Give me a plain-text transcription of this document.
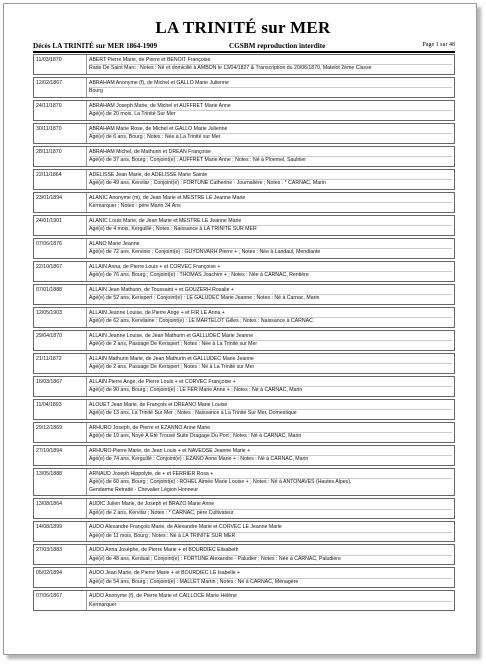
LA TRINITÉ sur MER
Décès LA TRINITÉ sur MER 1864-1909	CGSBM reproduction interdite	Page 1 sur 48
11/03/1870	ABERT Pierre Marie, de Pierre et BENOIT Françoise
Rade De Saint Marc ; Notes : Né et domicilié à AMBON le 13/04/1827 & Transcription du 20/06/1870, Matelot 2ème Classe
12/02/1867	ABRAHAM Anonyme (f), de Michel et GALLO Marie Julienne
Bourg
24/11/1870	ABRAHAM Joseph Marie, de Michel et AUFFRET Marie Anne
Agé(e) de 20 mois, La Trinité Sur Mer
30/11/1870	ABRAHAM Marie Rose, de Michel et GALLO Marie Julienne
Agé(e) de 6 ans, Bourg ; Notes : Née à La Trinité sur Mer
28/11/1870	ABRAHAM Michel, de Mathurin et DREAN Françoise
Agé(e) de 37 ans, Bourg ; Conjoint(e) : AUFFRET Marie Anne ; Notes : Né à Ploemel, Saulnier
22/11/1864	ADELISSE Jean Marie, de ADELISSE Marie Sainte
Agé(e) de 49 ans, Kervilar ; Conjoint(e) : FORTUNE Catherine - Journalière ; Notes : * CARNAC, Marin
23/01/1894	ALANIC Anonyme (m), de Jean Marie et MESTRE LE Jeanne Marie
Kermarquer ; Notes : père Marin 34 Ans
24/01/1901	ALANIC Louis Marie, de Jean Marie et MESTRE LE Jeanne Marie
Agé(e) de 4 mois, Kerguillé ; Notes : Naissance à LA TRINITE SUR MER
07/06/1876	ALANO Marie Jeanne
Agé(e) de 72 ans, Kervinio ; Conjoint(e) : GUYONVARH Pierre + ; Notes : Née à Landaul, Mendiante
22/10/1867	ALLAIN Anna, de Pierre Louis + et CORVEC Françoise +
Agé(e) de 76 ans, Bourg ; Conjoint(e) : THOMAS Joachim + ; Notes : Née à CARNAC, Rentière
07/01/1888	ALLAIN Jean Mathurin, de Toussaint + et GOUZERH Rosalie +
Agé(e) de 52 ans, Kerispert ; Conjoint(e) : LE GALUDEC Marie Jeanne ; Notes : Né à Carnac, Marin
12/05/1903	ALLAIN Jeanne Louise, de Pierre Ange + et FIR LE Anna +
Agé(e) de 62 ans, Kervilaine ; Conjoint(e) : LE MARTELOT Gilles ; Notes : Naissance à CARNAC
29/04/1870	ALLAIN Jeanne Louise, de Jean Mathurin et GALLUDEC Marie Jeanne
Agé(e) de 2 ans, Passage De Kerispert ; Notes : Née à La Trinité sur Mer
21/11/1872	ALLAIN Mathurin Marie, de Jean Mathurin et GALLUDEC Marie Jeanne
Agé(e) de 2 ans, Passage De Kerispert ; Notes : Né à La Trinité sur Mer
16/03/1867	ALLAIN Pierre Ange, de Pierre Louis + et CORVEC Françoise +
Agé(e) de 90 ans, Bourg ; Conjoint(e) : LE FER Marie Anne + ; Notes : Né à CARNAC, Marin
11/04/1893	ALOUET Jean Marie, de François et DREANO Marie Louise
Agé(e) de 13 ans, La Trinité Sur Mer ; Notes : Naissance à La Trinité Sur Mer, Domestique
29/12/1869	ARHURO Joseph, de Pierre et EZANNO Anne Marie
Agé(e) de 19 ans, Noyé À Été Trouvé Suite Dragage Du Port ; Notes : Né à CARNAC, Marin
27/10/1894	ARHURO Pierre Marie, de Jean Louis + et NAVEOSE Jeanne Marie +
Agé(e) de 74 ans, Kerguillé ; Conjoint(e) : EZANO Anne Marie + ; Notes : Né à CARNAC, Marin
13/05/1888	ARNAUD Joseph Hippolyte, de + et FERRIER Rosa +
Agé(e) de 60 ans, Bourg ; Conjoint(e) : ROHEL Aimée Marie Louise + ; Notes : Né à ANTONAVES (Hautes Alpes),
Gendarme Retraité - Chevalier Légion Honneur
13/08/1864	AUDIC Julien Marie, de Joseph et BRAZO Marie Anne
Agé(e) de 2 ans, Kervilar ; Notes : * CARNAC, père Cultivateur
14/08/1899	AUDO Alexandre François Marie, de Alexandre Marie et CORVEC LE Jeanne Marie
Agé(e) de 11 mois, Bourg ; Notes : Né à LA TRINITE SUR MER
27/03/1883	AUDO Anna Joséphe, de Pierre Marie + et BOURDIEC Elisabeth
Agé(e) de 48 ans, Kerdual ; Conjoint(e) : FORTUNE Alexandre - Paludier ; Notes : Née à CARNAC, Paludière
05/02/1894	AUDO Jean Marie, de Pierre Marie + et BOURDIEC LE Isabelle +
Agé(e) de 54 ans, Bourg ; Conjoint(e) : MALLET Martin ; Notes : Né à CARNAC, Ménagère
07/06/1867	AUDO Anonyme (f), de Pierre Marie et CAILLOCE Marie Hélène
Kermarquer
